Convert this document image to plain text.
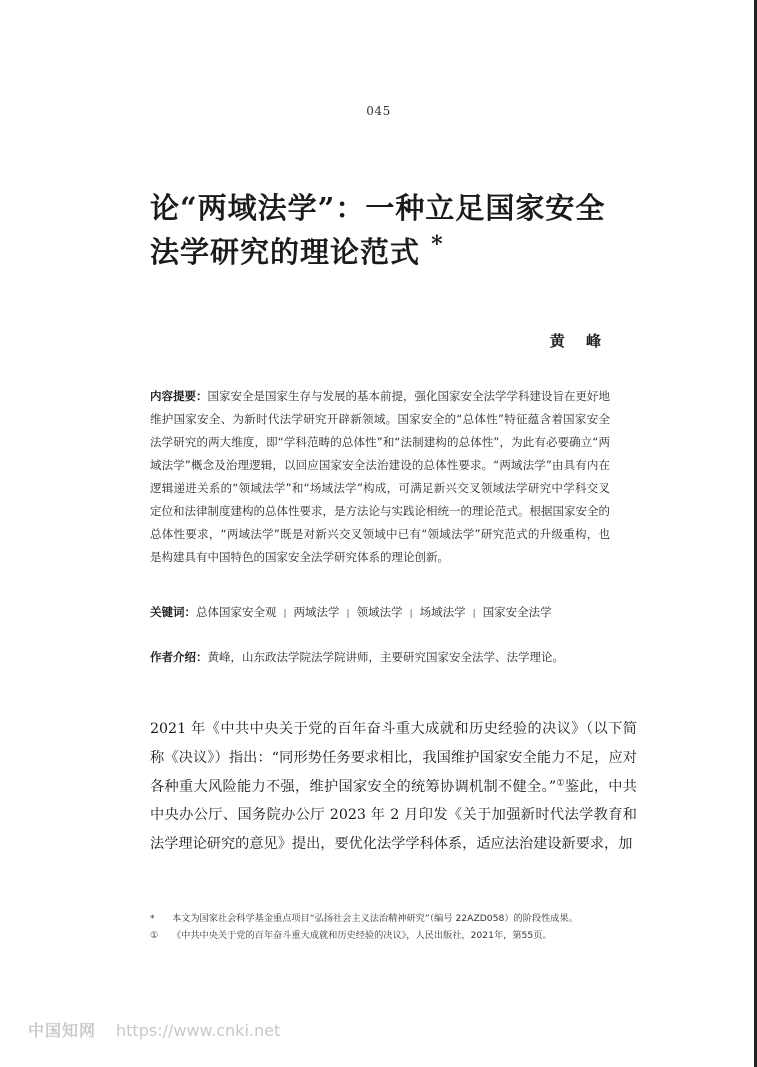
045
论“两域法学”：一种立足国家安全
法学研究的理论范式 *
黄 峰

内容提要：国家安全是国家生存与发展的基本前提，强化国家安全法学学科建设旨在更好地维护国家安全、为新时代法学研究开辟新领域。国家安全的“总体性”特征蕴含着国家安全法学研究的两大维度，即“学科范畴的总体性”和“法制建构的总体性”，为此有必要确立“两域法学”概念及治理逻辑，以回应国家安全法治建设的总体性要求。“两域法学”由具有内在逻辑递进关系的“领域法学”和“场域法学”构成，可满足新兴交叉领域法学研究中学科交叉定位和法律制度建构的总体性要求，是方法论与实践论相统一的理论范式。根据国家安全的总体性要求，“两域法学”既是对新兴交叉领域中已有“领域法学”研究范式的升级重构，也是构建具有中国特色的国家安全法学研究体系的理论创新。

关键词：总体国家安全观 | 两域法学 | 领域法学 | 场域法学 | 国家安全法学

作者介绍：黄峰，山东政法学院法学院讲师，主要研究国家安全法学、法学理论。

2021 年《中共中央关于党的百年奋斗重大成就和历史经验的决议》（以下简称《决议》）指出：“同形势任务要求相比，我国维护国家安全能力不足，应对各种重大风险能力不强，维护国家安全的统筹协调机制不健全。”①鉴此，中共中央办公厅、国务院办公厅 2023 年 2 月印发《关于加强新时代法学教育和法学理论研究的意见》提出，要优化法学学科体系，适应法治建设新要求，加

* 本文为国家社会科学基金重点项目“弘扬社会主义法治精神研究”（编号 22AZD058）的阶段性成果。
① 《中共中央关于党的百年奋斗重大成就和历史经验的决议》，人民出版社，2021年，第55页。
中国知网 https://www.cnki.net
